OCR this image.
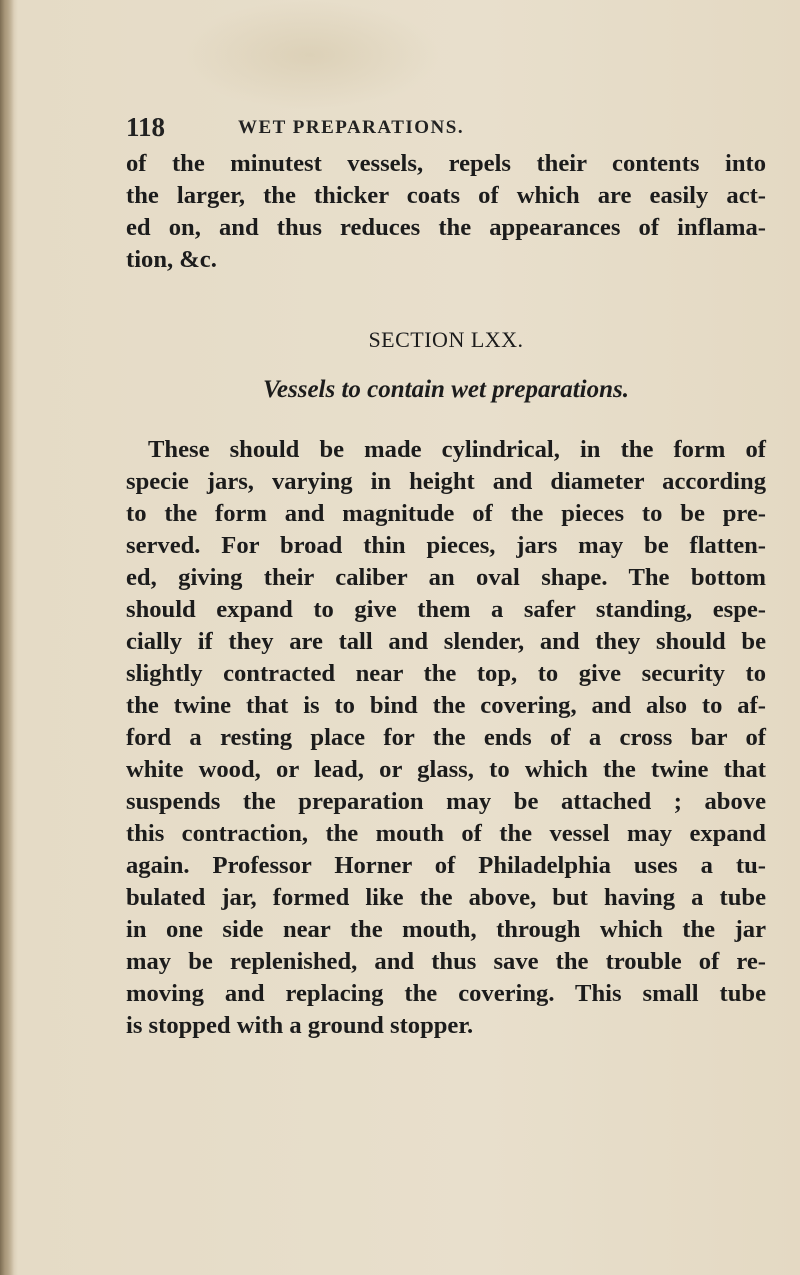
118	WET PREPARATIONS.
of the minutest vessels, repels their contents into
the larger, the thicker coats of which are easily act-
ed on, and thus reduces the appearances of inflama-
tion, &c.
SECTION LXX.
Vessels to contain wet preparations.
These should be made cylindrical, in the form of
specie jars, varying in height and diameter according
to the form and magnitude of the pieces to be pre-
served. For broad thin pieces, jars may be flatten-
ed, giving their caliber an oval shape. The bottom
should expand to give them a safer standing, espe-
cially if they are tall and slender, and they should be
slightly contracted near the top, to give security to
the twine that is to bind the covering, and also to af-
ford a resting place for the ends of a cross bar of
white wood, or lead, or glass, to which the twine that
suspends the preparation may be attached ; above
this contraction, the mouth of the vessel may expand
again. Professor Horner of Philadelphia uses a tu-
bulated jar, formed like the above, but having a tube
in one side near the mouth, through which the jar
may be replenished, and thus save the trouble of re-
moving and replacing the covering. This small tube
is stopped with a ground stopper.
